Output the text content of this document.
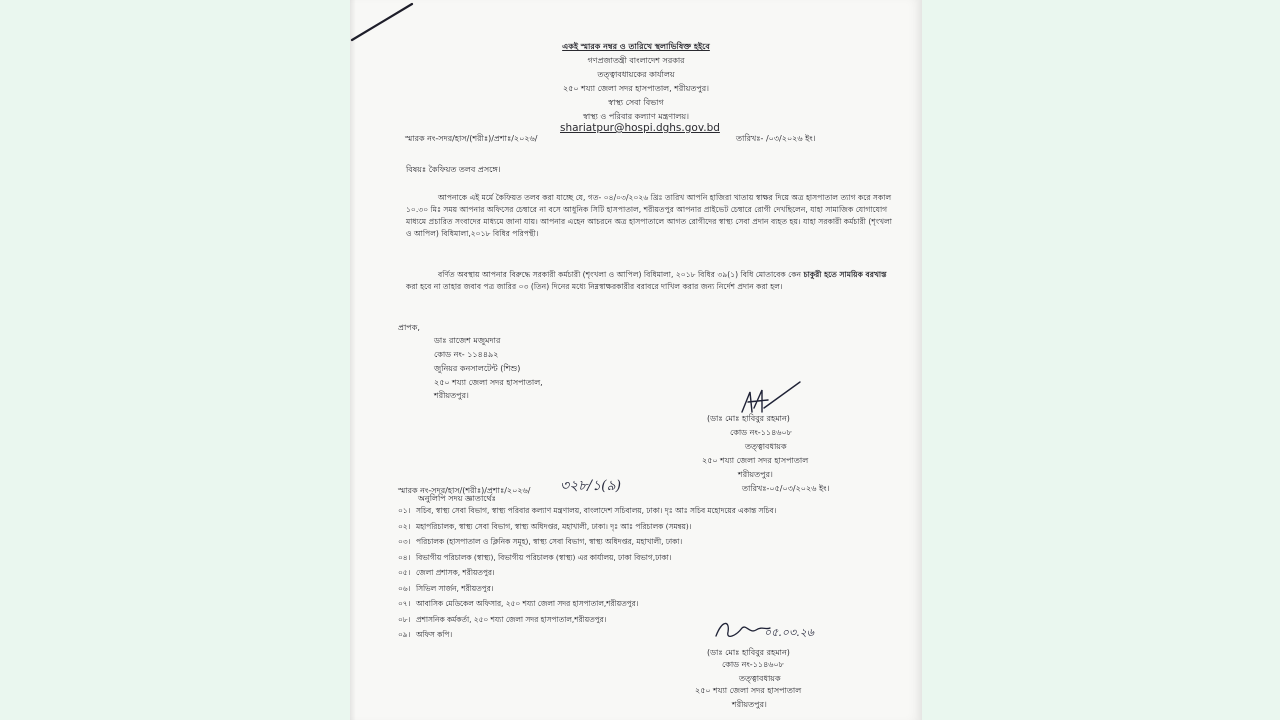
একই স্মারক নম্বর ও তারিখে স্থলাভিষিক্ত হইবে
গণপ্রজাতন্ত্রী বাংলাদেশ সরকার
তত্ত্বাবধায়কের কার্যালয়
২৫০ শয্যা জেলা সদর হাসপাতাল, শরীয়তপুর।
স্বাস্থ্য সেবা বিভাগ
স্বাস্থ্য ও পরিবার কল্যাণ মন্ত্রণালয়।
shariatpur@hospi.dghs.gov.bd
স্মারক নং-সদর/হাস/(শরীঃ)/প্রশাঃ/২০২৬/	তারিখঃ- /০৩/২০২৬ ইং।
বিষয়ঃ কৈফিয়ত তলব প্রসঙ্গে।
আপনাকে এই মর্মে কৈফিয়ত তলব করা যাচ্ছে যে, গত- ০৪/০৩/২০২৬ খ্রিঃ তারিখ আপনি হাজিরা খাতায় স্বাক্ষর দিয়ে অত্র হাসপাতাল ত্যাগ করে সকাল ১০.৩০ মিঃ সময় আপনার অফিসের চেম্বারে না বসে আধুনিক সিটি হাসপাতাল, শরীয়তপুর আপনার প্রাইভেট চেম্বারে রোগী দেখছিলেন, যাহা সামাজিক যোগাযোগ মাধ্যমে প্রচারিত সংবাদের মাধ্যমে জানা যায়। আপনার এহেন আচরনে অত্র হাসপাতালে আগত রোগীদের স্বাস্থ্য সেবা প্রদান ব্যহত হয়। যাহা সরকারী কর্মচারী (শৃংখলা ও আপিল) বিধিমালা,২০১৮ বিধির পরিপন্থী।
বর্ণিত অবস্থায় আপনার বিরুদ্ধে সরকারী কর্মচারী (শৃংখলা ও আপিল) বিধিমালা, ২০১৮ বিধির ৩৯(১) বিধি মোতাবেক কেন চাকুরী হতে সাময়িক বরখাস্ত করা হবে না তাহার জবাব পত্র জারির ০৩ (তিন) দিনের মধ্যে নিম্নস্বাক্ষরকারীর বরাবরে দাখিল করার জন্য নির্দেশ প্রদান করা হল।
প্রাপক,
ডাঃ রাজেশ মজুমদার
কোড নং- ১১৪৪৯২
জুনিয়র কনসালটেন্ট (শিশু)
২৫০ শয্যা জেলা সদর হাসপাতাল,
শরীয়তপুর।
(ডাঃ মোঃ হাবিবুর রহমান)
কোড নং-১১৪৬০৮
তত্ত্বাবধায়ক
২৫০ শয্যা জেলা সদর হাসপাতাল
শরীয়তপুর।
স্মারক নং-সদর/হাস/(শরীঃ)/প্রশাঃ/২০২৬/ ৩২৮/১(৯)	তারিখঃ-০৫/০৩/২০২৬ ইং।
অনুলিপি সদয় জ্ঞাতার্থেঃ
০১। সচিব, স্বাস্থ্য সেবা বিভাগ, স্বাস্থ্য পরিবার কল্যাণ মন্ত্রণালয়, বাংলাদেশ সচিবালয়, ঢাকা। দৃঃ আঃ সচিব মহোদয়ের একান্ত সচিব।
০২। মহাপরিচালক, স্বাস্থ্য সেবা বিভাগ, স্বাস্থ্য অধিদপ্তর, মহাখালী, ঢাকা। দৃঃ আঃ পরিচালক (সমন্বয়)।
০৩। পরিচালক (হাসপাতাল ও ক্লিনিক সমূহ), স্বাস্থ্য সেবা বিভাগ, স্বাস্থ্য অধিদপ্তর, মহাখালী, ঢাকা।
০৪। বিভাগীয় পরিচালক (স্বাস্থ্য), বিভাগীয় পরিচালক (স্বাস্থ্য) এর কার্যালয়, ঢাকা বিভাগ,ঢাকা।
০৫। জেলা প্রশাসক, শরীয়তপুর।
০৬। সিভিল সার্জন, শরীয়তপুর।
০৭। আবাসিক মেডিকেল অফিসার, ২৫০ শয্যা জেলা সদর হাসপাতাল,শরীয়তপুর।
০৮। প্রশাসনিক কর্মকর্তা, ২৫০ শয্যা জেলা সদর হাসপাতাল,শরীয়তপুর।
০৯। অফিস কপি।	০৫.০৩.২৬
(ডাঃ মোঃ হাবিবুর রহমান)
কোড নং-১১৪৬০৮
তত্ত্বাবধায়ক
২৫০ শয্যা জেলা সদর হাসপাতাল
শরীয়তপুর।
